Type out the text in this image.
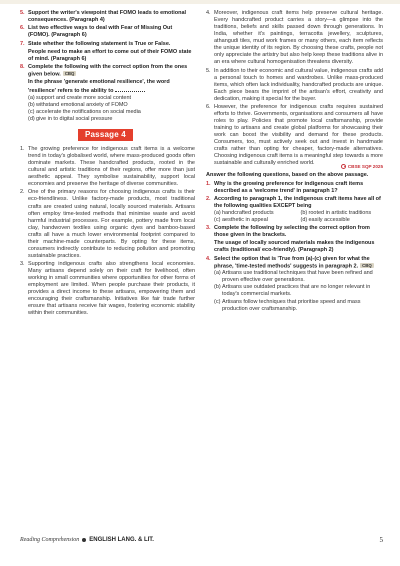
5. Support the writer's viewpoint that FOMO leads to emotional consequences. (Paragraph 4)
6. List two effective ways to deal with Fear of Missing Out (FOMO). (Paragraph 6)
7. State whether the following statement is True or False.
People need to make an effort to come out of their FOMO state of mind. (Paragraph 6)
8. Complete the following with the correct option from the ones given below. CBQ
In the phrase 'generate emotional resilience', the word 'resilience' refers to the ability to
(a) support and create more social content
(b) withstand emotional anxiety of FOMO
(c) accelerate the notifications on social media
(d) give in to digital social pressure
Passage 4
1. The growing preference for indigenous craft items is a welcome trend in today's globalised world, where mass-produced goods often dominate markets. These handcrafted products, rooted in the cultural and artistic traditions of their regions, offer more than just aesthetic appeal. They symbolise sustainability, support local economies and preserve the heritage of diverse communities.
2. One of the primary reasons for choosing indigenous crafts is their eco-friendliness. Unlike factory-made products, most traditional crafts are created using natural, locally sourced materials. Artisans often employ time-tested methods that minimise waste and avoid harmful industrial processes. For example, pottery made from local clay, handwoven textiles using organic dyes and bamboo-based crafts all have a much lower environmental footprint compared to their machine-made counterparts. By opting for these items, consumers indirectly contribute to reducing pollution and promoting sustainable practices.
3. Supporting indigenous crafts also strengthens local economies. Many artisans depend solely on their craft for livelihood, often working in small communities where opportunities for other forms of employment are limited. When people purchase their products, it provides a direct income to these artisans, empowering them and encouraging their craftsmanship. Initiatives like fair trade further ensure that artisans receive fair wages, fostering economic stability within their communities.
4. Moreover, indigenous craft items help preserve cultural heritage. Every handcrafted product carries a story—a glimpse into the traditions, beliefs and skills passed down through generations. In India, whether it's paintings, terracotta jewellery, sculptures, athangudi tiles, mud work frames or many others, each item reflects the unique identity of its region. By choosing these crafts, people not only appreciate the artistry but also help keep these traditions alive in an era where cultural homogenisation threatens diversity.
5. In addition to their economic and cultural value, indigenous crafts add a personal touch to homes and wardrobes. Unlike mass-produced items, which often lack individuality, handcrafted products are unique. Each piece bears the imprint of the artisan's effort, creativity and dedication, making it special for the buyer.
6. However, the preference for indigenous crafts requires sustained efforts to thrive. Governments, organisations and consumers all have roles to play. Policies that promote local craftsmanship, provide training to artisans and create global platforms for showcasing their work can boost the visibility and demand for these products. Consumers, too, must actively seek out and invest in handmade crafts rather than opting for cheaper, factory-made alternatives. Choosing indigenous craft items is a meaningful step towards a more sustainable and culturally enriched world.	CBSE SQP 2025
Answer the following questions, based on the above passage.
1. Why is the growing preference for indigenous craft items described as a 'welcome trend' in paragraph 1?
2. According to paragraph 1, the indigenous craft items have all of the following qualities EXCEPT being
(a) handcrafted products	(b) rooted in artistic traditions
(c) aesthetic in appeal	(d) easily accessible
3. Complete the following by selecting the correct option from those given in the brackets.
The usage of locally sourced materials makes the indigenous crafts (traditional/ eco-friendly). (Paragraph 2)
4. Select the option that is 'True from (a)-(c) given for what the phrase, 'time-tested methods' suggests in paragraph 2. CBQ
(a) Artisans use traditional techniques that have been refined and proven effective over generations.
(b) Artisans use outdated practices that are no longer relevant in today's commercial markets.
(c) Artisans follow techniques that prioritise speed and mass production over craftsmanship.
Reading Comprehension ENGLISH LANG. & LIT.	5
